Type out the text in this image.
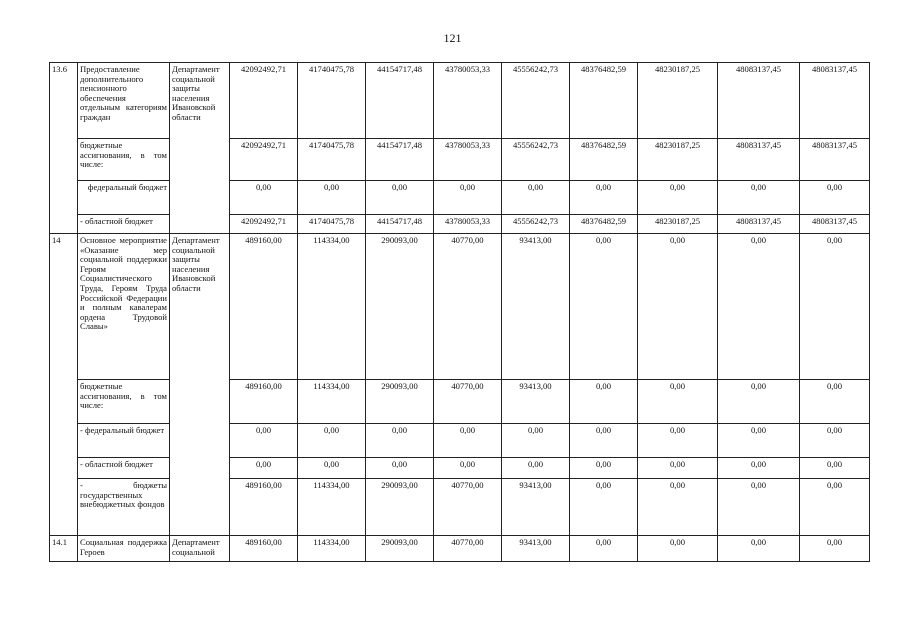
121
13.6	Предоставление дополнительного пенсионного обеспечения отдельным категориям граждан	Департамент социальной защиты населения Ивановской области	42092492,71	41740475,78	44154717,48	43780053,33	45556242,73	48376482,59	48230187,25	48083137,45	48083137,45
	бюджетные ассигнования, в том числе:		42092492,71	41740475,78	44154717,48	43780053,33	45556242,73	48376482,59	48230187,25	48083137,45	48083137,45
	федеральный бюджет		0,00	0,00	0,00	0,00	0,00	0,00	0,00	0,00	0,00
	- областной бюджет		42092492,71	41740475,78	44154717,48	43780053,33	45556242,73	48376482,59	48230187,25	48083137,45	48083137,45
14	Основное мероприятие «Оказание мер социальной поддержки Героям Социалистического Труда, Героям Труда Российской Федерации и полным кавалерам ордена Трудовой Славы»	Департамент социальной защиты населения Ивановской области	489160,00	114334,00	290093,00	40770,00	93413,00	0,00	0,00	0,00	0,00
	бюджетные ассигнования, в том числе:		489160,00	114334,00	290093,00	40770,00	93413,00	0,00	0,00	0,00	0,00
	- федеральный бюджет		0,00	0,00	0,00	0,00	0,00	0,00	0,00	0,00	0,00
	- областной бюджет		0,00	0,00	0,00	0,00	0,00	0,00	0,00	0,00	0,00
	- бюджеты государственных внебюджетных фондов		489160,00	114334,00	290093,00	40770,00	93413,00	0,00	0,00	0,00	0,00
14.1	Социальная поддержка Героев	Департамент социальной	489160,00	114334,00	290093,00	40770,00	93413,00	0,00	0,00	0,00	0,00
